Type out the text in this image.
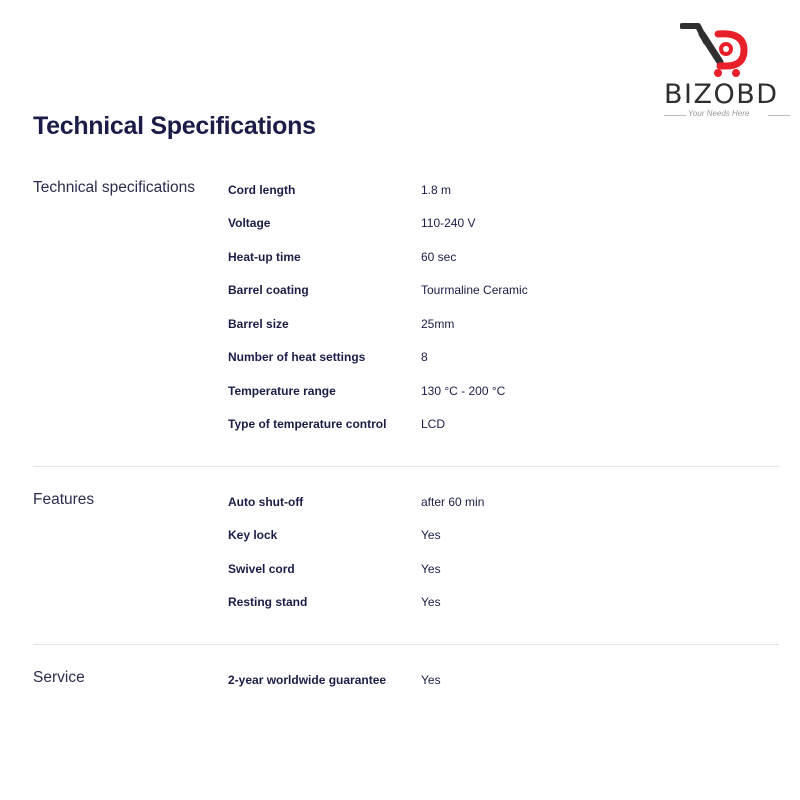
BIZOBD
Your Needs Here
Technical Specifications
Technical specifications	Cord length	1.8 m
Voltage	110-240 V
Heat-up time	60 sec
Barrel coating	Tourmaline Ceramic
Barrel size	25mm
Number of heat settings	8
Temperature range	130 °C - 200 °C
Type of temperature control	LCD
Features	Auto shut-off	after 60 min
Key lock	Yes
Swivel cord	Yes
Resting stand	Yes
Service	2-year worldwide guarantee	Yes
